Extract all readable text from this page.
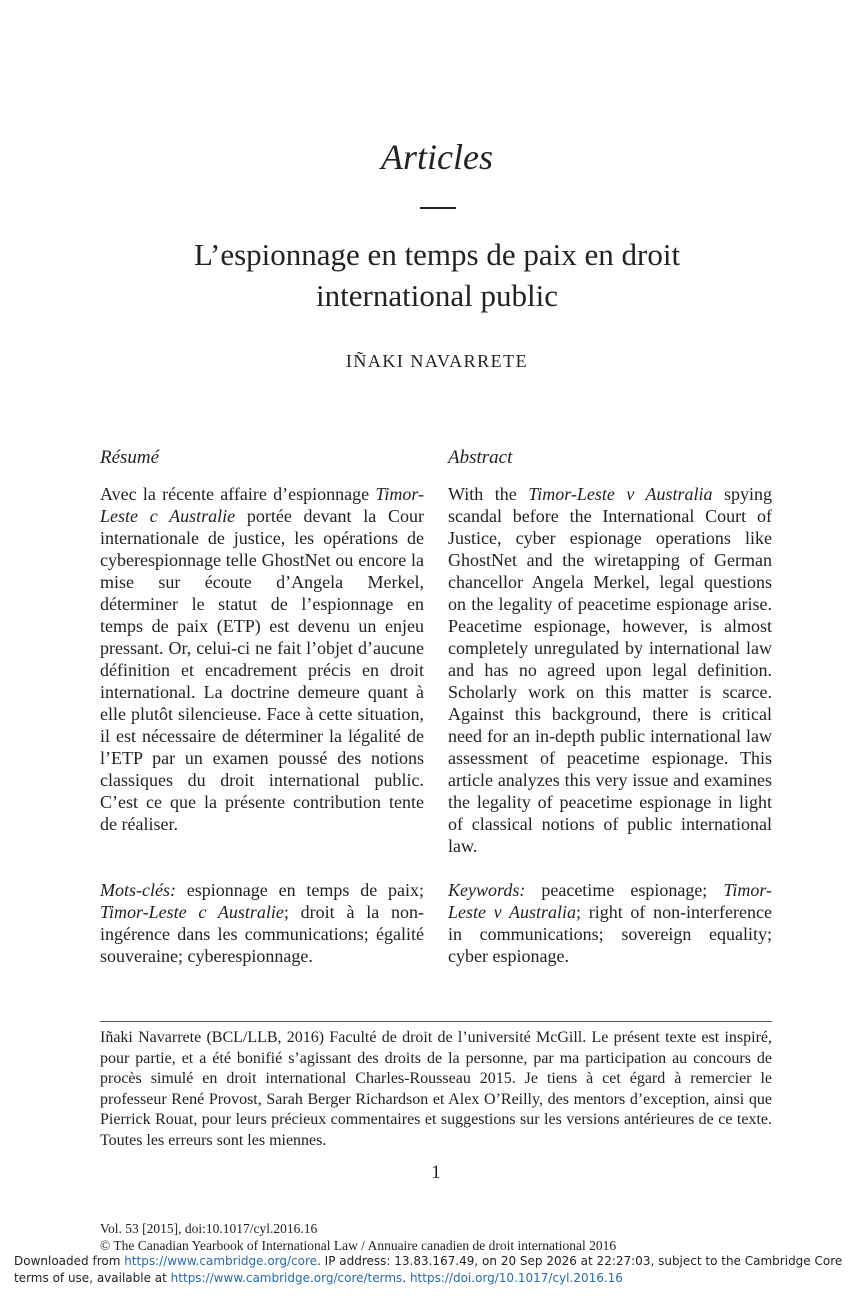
Articles
L’espionnage en temps de paix en droit
international public
IÑAKI NAVARRETE
Résumé	Abstract
Avec la récente affaire d’espionnage Timor-Leste c Australie portée devant la Cour internationale de justice, les opérations de cyberespionnage telle GhostNet ou encore la mise sur écoute d’Angela Merkel, déterminer le statut de l’espionnage en temps de paix (ETP) est devenu un enjeu pressant. Or, celui-ci ne fait l’objet d’aucune définition et encadrement précis en droit international. La doctrine demeure quant à elle plutôt silencieuse. Face à cette situation, il est nécessaire de déterminer la légalité de l’ETP par un examen poussé des notions classiques du droit international public. C’est ce que la présente contribution tente de réaliser.
With the Timor-Leste v Australia spying scandal before the International Court of Justice, cyber espionage operations like GhostNet and the wiretapping of German chancellor Angela Merkel, legal questions on the legality of peacetime espionage arise. Peacetime espionage, however, is almost completely unregulated by international law and has no agreed upon legal definition. Scholarly work on this matter is scarce. Against this background, there is critical need for an in-depth public international law assessment of peacetime espionage. This article analyzes this very issue and examines the legality of peacetime espionage in light of classical notions of public international law.
Mots-clés: espionnage en temps de paix; Timor-Leste c Australie; droit à la non-ingérence dans les communications; égalité souveraine; cyberespionnage.
Keywords: peacetime espionage; Timor-Leste v Australia; right of non-interference in communications; sovereign equality; cyber espionage.
Iñaki Navarrete (BCL/LLB, 2016) Faculté de droit de l’université McGill. Le présent texte est inspiré, pour partie, et a été bonifié s’agissant des droits de la personne, par ma participation au concours de procès simulé en droit international Charles-Rousseau 2015. Je tiens à cet égard à remercier le professeur René Provost, Sarah Berger Richardson et Alex O’Reilly, des mentors d’exception, ainsi que Pierrick Rouat, pour leurs précieux commentaires et suggestions sur les versions antérieures de ce texte. Toutes les erreurs sont les miennes.
1
Vol. 53 [2015], doi:10.1017/cyl.2016.16
© The Canadian Yearbook of International Law / Annuaire canadien de droit international 2016
Downloaded from https://www.cambridge.org/core. IP address: 13.83.167.49, on 20 Sep 2026 at 22:27:03, subject to the Cambridge Core terms of use, available at https://www.cambridge.org/core/terms. https://doi.org/10.1017/cyl.2016.16
